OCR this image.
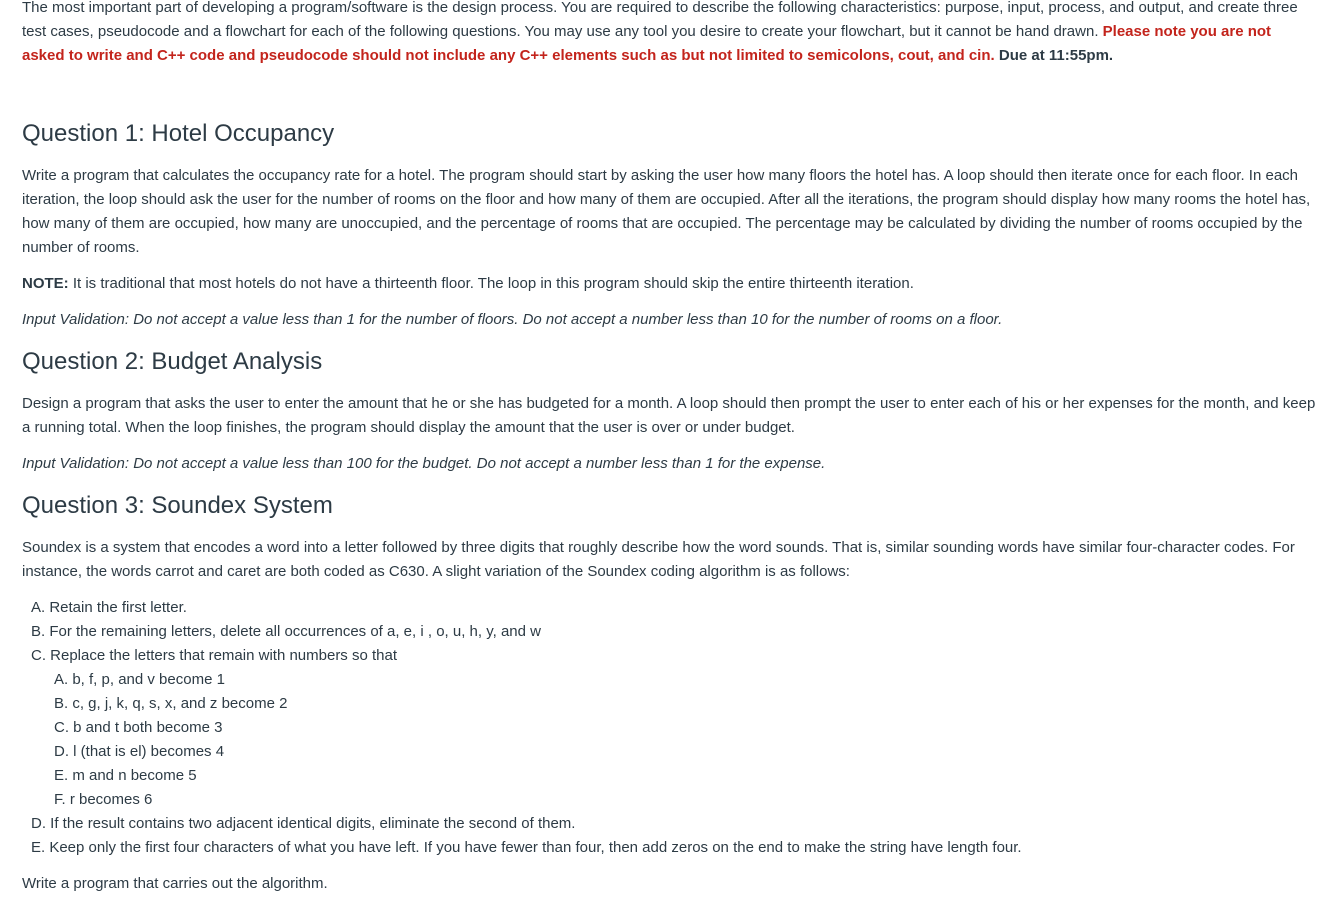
The most important part of developing a program/software is the design process. You are required to describe the following characteristics: purpose, input, process, and output, and create three test cases, pseudocode and a flowchart for each of the following questions. You may use any tool you desire to create your flowchart, but it cannot be hand drawn. Please note you are not asked to write and C++ code and pseudocode should not include any C++ elements such as but not limited to semicolons, cout, and cin. Due at 11:55pm.

Question 1: Hotel Occupancy

Write a program that calculates the occupancy rate for a hotel. The program should start by asking the user how many floors the hotel has. A loop should then iterate once for each floor. In each iteration, the loop should ask the user for the number of rooms on the floor and how many of them are occupied. After all the iterations, the program should display how many rooms the hotel has, how many of them are occupied, how many are unoccupied, and the percentage of rooms that are occupied. The percentage may be calculated by dividing the number of rooms occupied by the number of rooms.

NOTE: It is traditional that most hotels do not have a thirteenth floor. The loop in this program should skip the entire thirteenth iteration.

Input Validation: Do not accept a value less than 1 for the number of floors. Do not accept a number less than 10 for the number of rooms on a floor.

Question 2: Budget Analysis

Design a program that asks the user to enter the amount that he or she has budgeted for a month. A loop should then prompt the user to enter each of his or her expenses for the month, and keep a running total. When the loop finishes, the program should display the amount that the user is over or under budget.

Input Validation: Do not accept a value less than 100 for the budget. Do not accept a number less than 1 for the expense.

Question 3: Soundex System

Soundex is a system that encodes a word into a letter followed by three digits that roughly describe how the word sounds. That is, similar sounding words have similar four-character codes. For instance, the words carrot and caret are both coded as C630. A slight variation of the Soundex coding algorithm is as follows:

A. Retain the first letter.
B. For the remaining letters, delete all occurrences of a, e, i , o, u, h, y, and w
C. Replace the letters that remain with numbers so that
A. b, f, p, and v become 1
B. c, g, j, k, q, s, x, and z become 2
C. b and t both become 3
D. l (that is el) becomes 4
E. m and n become 5
F. r becomes 6
D. If the result contains two adjacent identical digits, eliminate the second of them.
E. Keep only the first four characters of what you have left. If you have fewer than four, then add zeros on the end to make the string have length four.

Write a program that carries out the algorithm.
